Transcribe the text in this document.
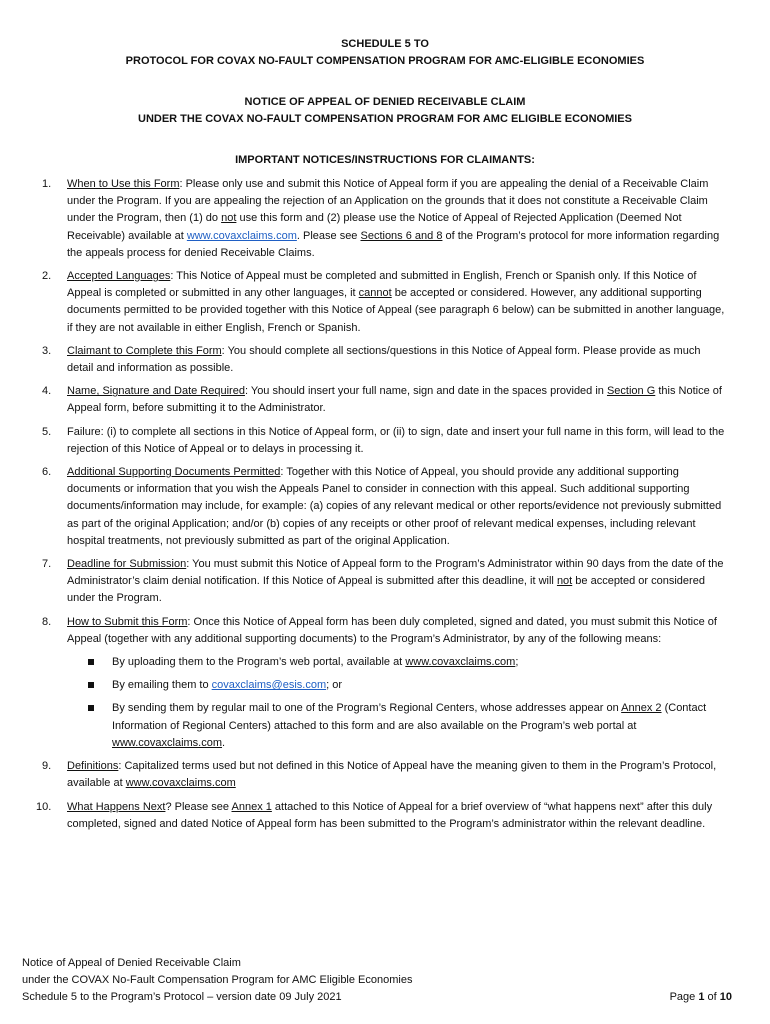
SCHEDULE 5 TO
PROTOCOL FOR COVAX NO-FAULT COMPENSATION PROGRAM FOR AMC-ELIGIBLE ECONOMIES
NOTICE OF APPEAL OF DENIED RECEIVABLE CLAIM
UNDER THE COVAX NO-FAULT COMPENSATION PROGRAM FOR AMC ELIGIBLE ECONOMIES
IMPORTANT NOTICES/INSTRUCTIONS FOR CLAIMANTS:
1. When to Use this Form: Please only use and submit this Notice of Appeal form if you are appealing the denial of a Receivable Claim under the Program. If you are appealing the rejection of an Application on the grounds that it does not constitute a Receivable Claim under the Program, then (1) do not use this form and (2) please use the Notice of Appeal of Rejected Application (Deemed Not Receivable) available at www.covaxclaims.com. Please see Sections 6 and 8 of the Program’s protocol for more information regarding the appeals process for denied Receivable Claims.
2. Accepted Languages: This Notice of Appeal must be completed and submitted in English, French or Spanish only. If this Notice of Appeal is completed or submitted in any other languages, it cannot be accepted or considered. However, any additional supporting documents permitted to be provided together with this Notice of Appeal (see paragraph 6 below) can be submitted in another language, if they are not available in either English, French or Spanish.
3. Claimant to Complete this Form: You should complete all sections/questions in this Notice of Appeal form. Please provide as much detail and information as possible.
4. Name, Signature and Date Required: You should insert your full name, sign and date in the spaces provided in Section G this Notice of Appeal form, before submitting it to the Administrator.
5. Failure: (i) to complete all sections in this Notice of Appeal form, or (ii) to sign, date and insert your full name in this form, will lead to the rejection of this Notice of Appeal or to delays in processing it.
6. Additional Supporting Documents Permitted: Together with this Notice of Appeal, you should provide any additional supporting documents or information that you wish the Appeals Panel to consider in connection with this appeal. Such additional supporting documents/information may include, for example: (a) copies of any relevant medical or other reports/evidence not previously submitted as part of the original Application; and/or (b) copies of any receipts or other proof of relevant medical expenses, including relevant hospital treatments, not previously submitted as part of the original Application.
7. Deadline for Submission: You must submit this Notice of Appeal form to the Program’s Administrator within 90 days from the date of the Administrator’s claim denial notification. If this Notice of Appeal is submitted after this deadline, it will not be accepted or considered under the Program.
8. How to Submit this Form: Once this Notice of Appeal form has been duly completed, signed and dated, you must submit this Notice of Appeal (together with any additional supporting documents) to the Program’s Administrator, by any of the following means:
By uploading them to the Program’s web portal, available at www.covaxclaims.com;
By emailing them to covaxclaims@esis.com; or
By sending them by regular mail to one of the Program’s Regional Centers, whose addresses appear on Annex 2 (Contact Information of Regional Centers) attached to this form and are also available on the Program’s web portal at www.covaxclaims.com.
9. Definitions: Capitalized terms used but not defined in this Notice of Appeal have the meaning given to them in the Program’s Protocol, available at www.covaxclaims.com
10. What Happens Next? Please see Annex 1 attached to this Notice of Appeal for a brief overview of “what happens next” after this duly completed, signed and dated Notice of Appeal form has been submitted to the Program’s administrator within the relevant deadline.
Notice of Appeal of Denied Receivable Claim
under the COVAX No-Fault Compensation Program for AMC Eligible Economies
Schedule 5 to the Program’s Protocol – version date 09 July 2021	Page 1 of 10
